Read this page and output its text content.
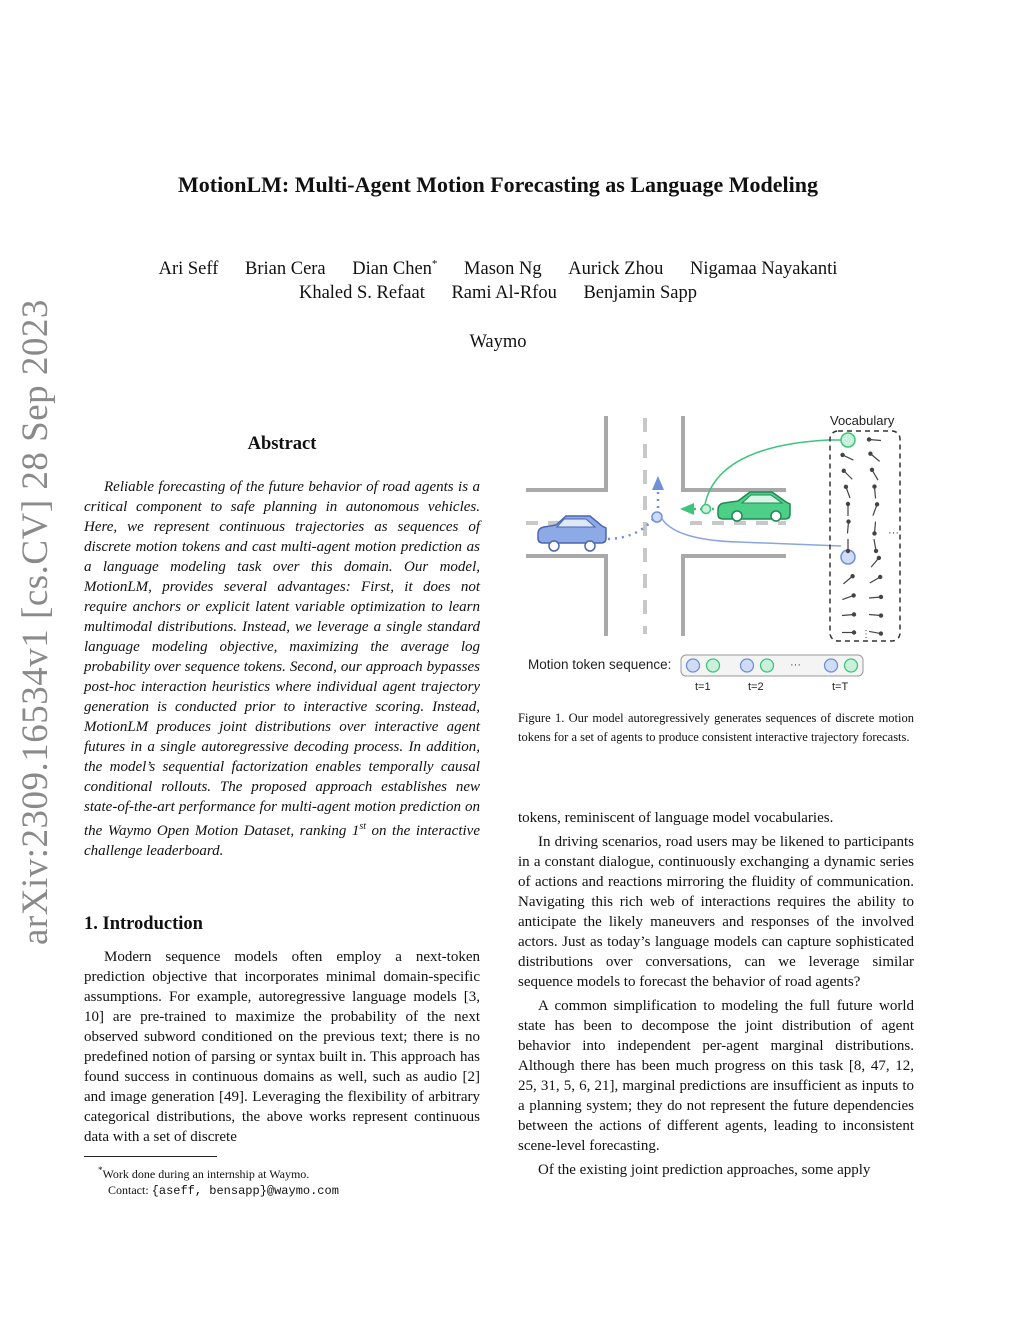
arXiv:2309.16534v1 [cs.CV] 28 Sep 2023
MotionLM: Multi-Agent Motion Forecasting as Language Modeling
Ari Seff Brian Cera Dian Chen* Mason Ng Aurick Zhou Nigamaa Nayakanti
Khaled S. Refaat Rami Al-Rfou Benjamin Sapp
Waymo
Abstract
Reliable forecasting of the future behavior of road agents is a critical component to safe planning in autonomous vehicles. Here, we represent continuous trajectories as sequences of discrete motion tokens and cast multi-agent motion prediction as a language modeling task over this domain. Our model, MotionLM, provides several advantages: First, it does not require anchors or explicit latent variable optimization to learn multimodal distributions. Instead, we leverage a single standard language modeling objective, maximizing the average log probability over sequence tokens. Second, our approach bypasses post-hoc interaction heuristics where individual agent trajectory generation is conducted prior to interactive scoring. Instead, MotionLM produces joint distributions over interactive agent futures in a single autoregressive decoding process. In addition, the model’s sequential factorization enables temporally causal conditional rollouts. The proposed approach establishes new state-of-the-art performance for multi-agent motion prediction on the Waymo Open Motion Dataset, ranking 1st on the interactive challenge leaderboard.
1. Introduction
Modern sequence models often employ a next-token prediction objective that incorporates minimal domain-specific assumptions. For example, autoregressive language models [3, 10] are pre-trained to maximize the probability of the next observed subword conditioned on the previous text; there is no predefined notion of parsing or syntax built in. This approach has found success in continuous domains as well, such as audio [2] and image generation [49]. Leveraging the flexibility of arbitrary categorical distributions, the above works represent continuous data with a set of discrete
*Work done during an internship at Waymo.
Contact: {aseff, bensapp}@waymo.com
Vocabulary
···
⋮
Motion token sequence:	···
t=1	t=2	t=T
Figure 1. Our model autoregressively generates sequences of discrete motion tokens for a set of agents to produce consistent interactive trajectory forecasts.

tokens, reminiscent of language model vocabularies.

In driving scenarios, road users may be likened to participants in a constant dialogue, continuously exchanging a dynamic series of actions and reactions mirroring the fluidity of communication. Navigating this rich web of interactions requires the ability to anticipate the likely maneuvers and responses of the involved actors. Just as today’s language models can capture sophisticated distributions over conversations, can we leverage similar sequence models to forecast the behavior of road agents?

A common simplification to modeling the full future world state has been to decompose the joint distribution of agent behavior into independent per-agent marginal distributions. Although there has been much progress on this task [8, 47, 12, 25, 31, 5, 6, 21], marginal predictions are insufficient as inputs to a planning system; they do not represent the future dependencies between the actions of different agents, leading to inconsistent scene-level forecasting.

Of the existing joint prediction approaches, some apply
